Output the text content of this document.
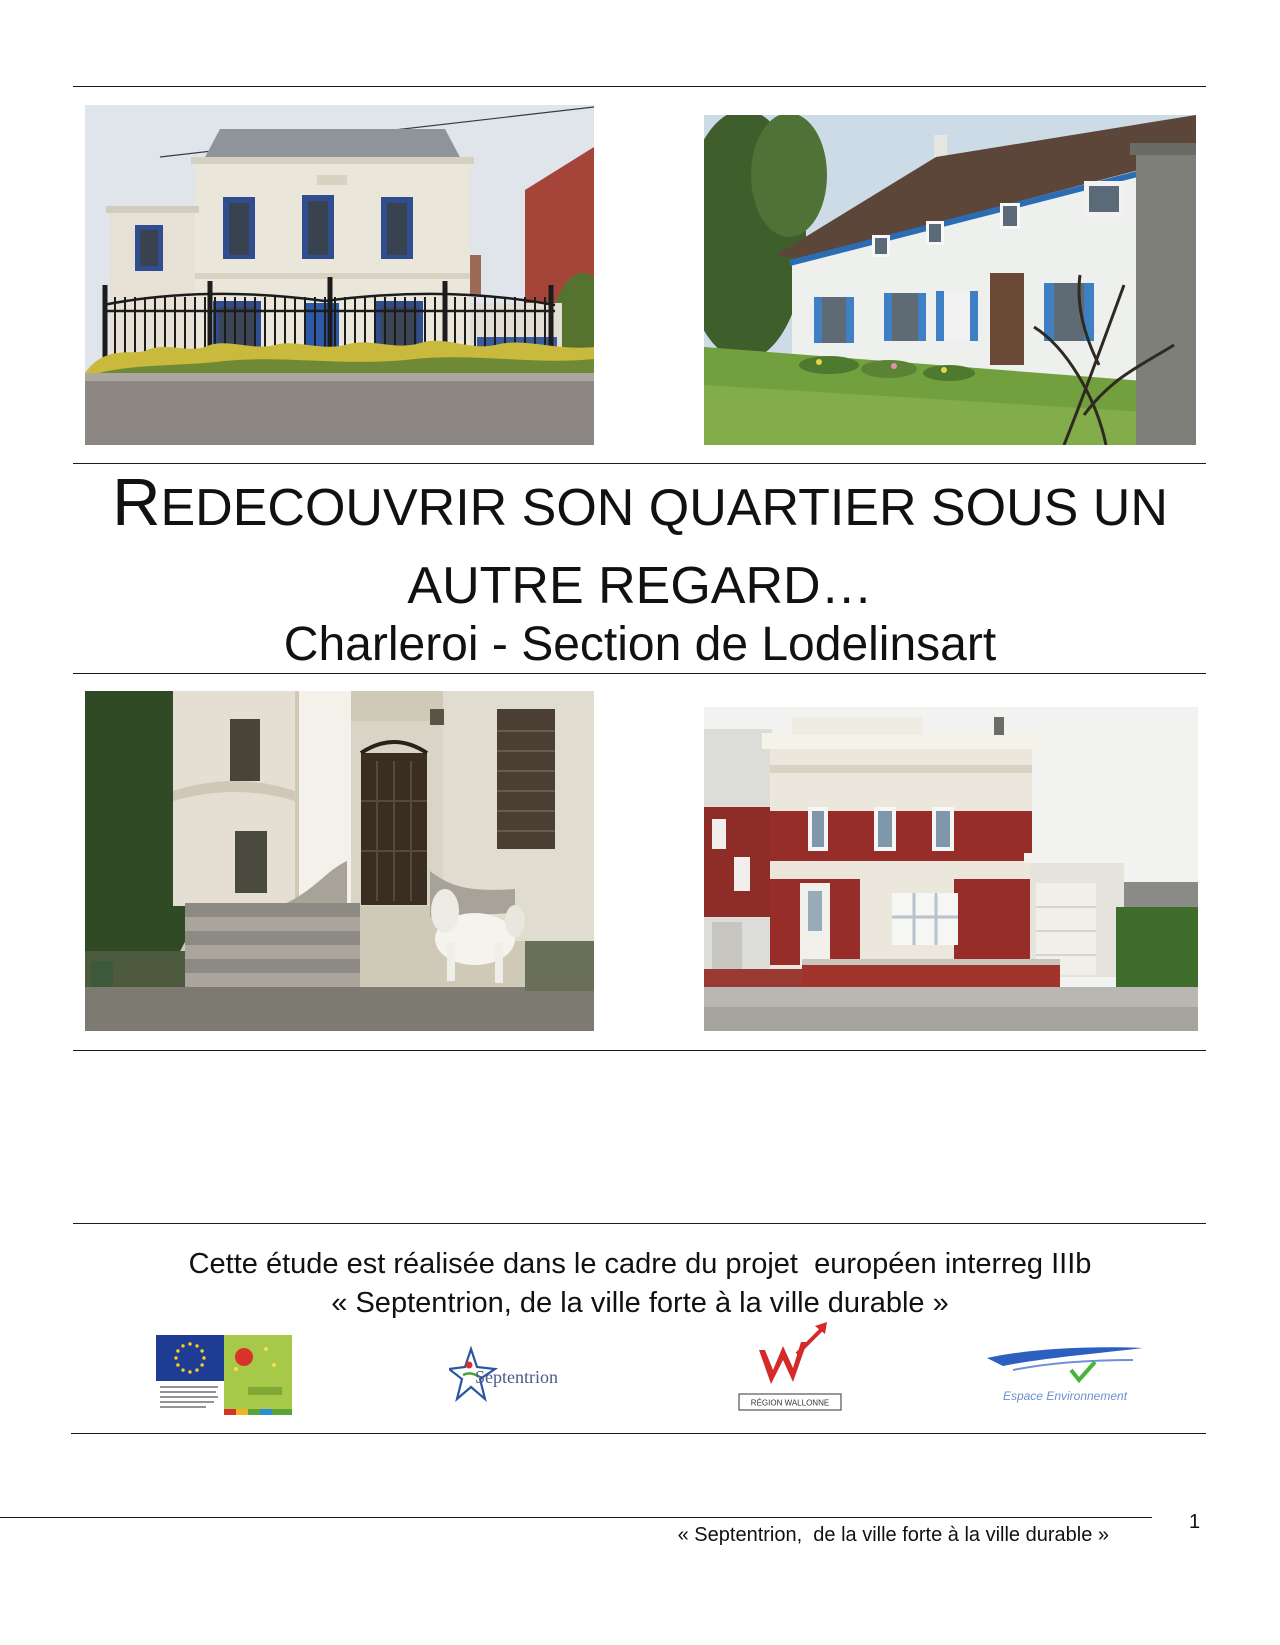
REDECOUVRIR SON QUARTIER SOUS UN
AUTRE REGARD…
Charleroi - Section de Lodelinsart
Cette étude est réalisée dans le cadre du projet  européen interreg IIIb
« Septentrion, de la ville forte à la ville durable »
Septentrion
RÉGION WALLONNE	Espace Environnement
« Septentrion,  de la ville forte à la ville durable »
1
